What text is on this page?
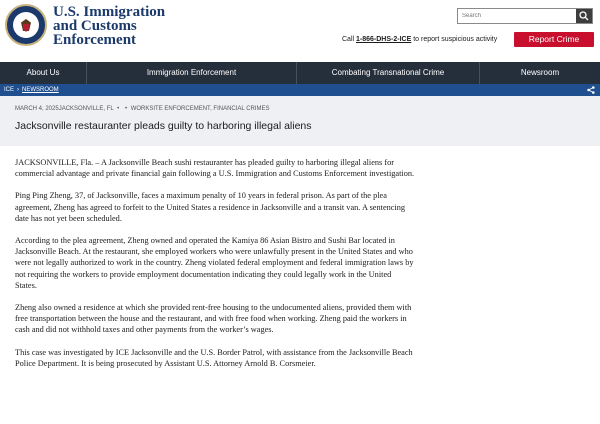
U.S. Immigration
and Customs
Enforcement
Search	Call 1-866-DHS-2-ICE to report suspicious activity	Report Crime
About Us	Immigration Enforcement	Combating Transnational Crime	Newsroom
ICE › NEWSROOM
MARCH 4, 2025JACKSONVILLE, FL • • WORKSITE ENFORCEMENT, FINANCIAL CRIMES
Jacksonville restauranter pleads guilty to harboring illegal aliens

JACKSONVILLE, Fla. – A Jacksonville Beach sushi restauranter has pleaded guilty to harboring illegal aliens for commercial advantage and private financial gain following a U.S. Immigration and Customs Enforcement investigation.

Ping Ping Zheng, 37, of Jacksonville, faces a maximum penalty of 10 years in federal prison. As part of the plea agreement, Zheng has agreed to forfeit to the United States a residence in Jacksonville and a transit van. A sentencing date has not yet been scheduled.

According to the plea agreement, Zheng owned and operated the Kamiya 86 Asian Bistro and Sushi Bar located in Jacksonville Beach. At the restaurant, she employed workers who were unlawfully present in the United States and who were not legally authorized to work in the country. Zheng violated federal employment and federal immigration laws by not requiring the workers to provide employment documentation indicating they could legally work in the United States.

Zheng also owned a residence at which she provided rent-free housing to the undocumented aliens, provided them with free transportation between the house and the restaurant, and with free food when working. Zheng paid the workers in cash and did not withhold taxes and other payments from the worker’s wages.

This case was investigated by ICE Jacksonville and the U.S. Border Patrol, with assistance from the Jacksonville Beach Police Department. It is being prosecuted by Assistant U.S. Attorney Arnold B. Corsmeier.
